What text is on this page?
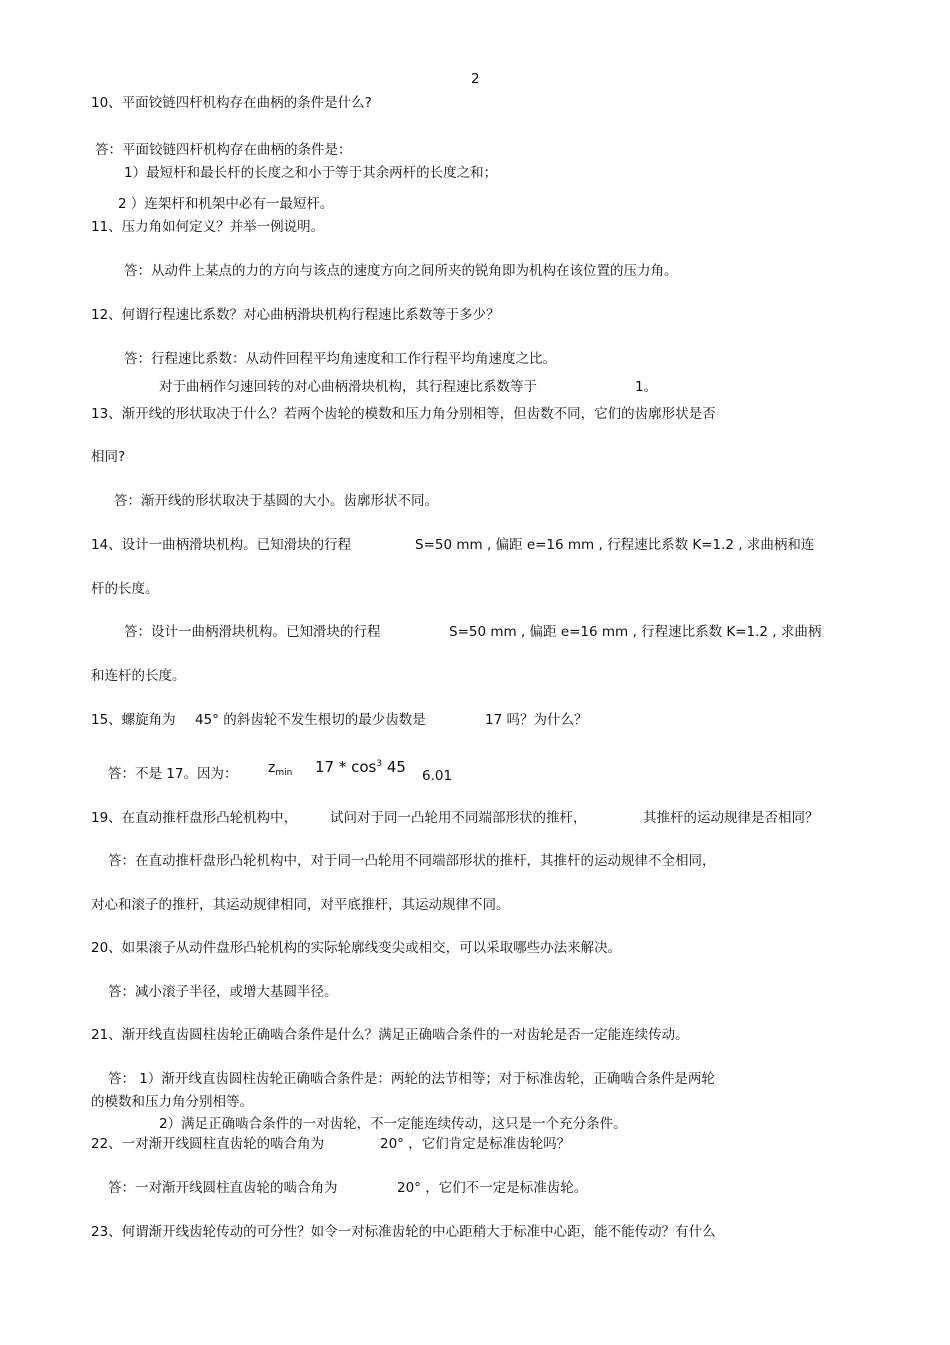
2
10、平面铰链四杆机构存在曲柄的条件是什么?
答：平面铰链四杆机构存在曲柄的条件是：
1）最短杆和最长杆的长度之和小于等于其余两杆的长度之和；
2 ）连架杆和机架中必有一最短杆。
11、压力角如何定义？并举一例说明。
答：从动件上某点的力的方向与该点的速度方向之间所夹的锐角即为机构在该位置的压力角。
12、何谓行程速比系数？对心曲柄滑块机构行程速比系数等于多少？
答：行程速比系数：从动件回程平均角速度和工作行程平均角速度之比。
对于曲柄作匀速回转的对心曲柄滑块机构，其行程速比系数等于	1。
13、渐开线的形状取决于什么？若两个齿轮的模数和压力角分别相等，但齿数不同，它们的齿廓形状是否
相同?
答：渐开线的形状取决于基圆的大小。齿廓形状不同。
14、设计一曲柄滑块机构。已知滑块的行程	S=50 mm , 偏距 e=16 mm , 行程速比系数 K=1.2 , 求曲柄和连
杆的长度。
答：设计一曲柄滑块机构。已知滑块的行程	S=50 mm , 偏距 e=16 mm , 行程速比系数 K=1.2 , 求曲柄
和连杆的长度。
15、螺旋角为 45° 的斜齿轮不发生根切的最少齿数是	17 吗？为什么？
答：不是 17。因为： $z_{min}$ $17 * \cos^3 45$ 6.01
19、在直动推杆盘形凸轮机构中， 试问对于同一凸轮用不同端部形状的推杆，	其推杆的运动规律是否相同？
答：在直动推杆盘形凸轮机构中，对于同一凸轮用不同端部形状的推杆，其推杆的运动规律不全相同，
对心和滚子的推杆，其运动规律相同，对平底推杆，其运动规律不同。
20、如果滚子从动件盘形凸轮机构的实际轮廓线变尖或相交，可以采取哪些办法来解决。
答：减小滚子半径，或增大基圆半径。
21、渐开线直齿圆柱齿轮正确啮合条件是什么？满足正确啮合条件的一对齿轮是否一定能连续传动。
答： 1）渐开线直齿圆柱齿轮正确啮合条件是：两轮的法节相等；对于标准齿轮，正确啮合条件是两轮
的模数和压力角分别相等。
2）满足正确啮合条件的一对齿轮，不一定能连续传动，这只是一个充分条件。
22、一对渐开线圆柱直齿轮的啮合角为	20° ，它们肯定是标准齿轮吗？
答：一对渐开线圆柱直齿轮的啮合角为	20° ，它们不一定是标准齿轮。
23、何谓渐开线齿轮传动的可分性？如令一对标准齿轮的中心距稍大于标准中心距，能不能传动？有什么
